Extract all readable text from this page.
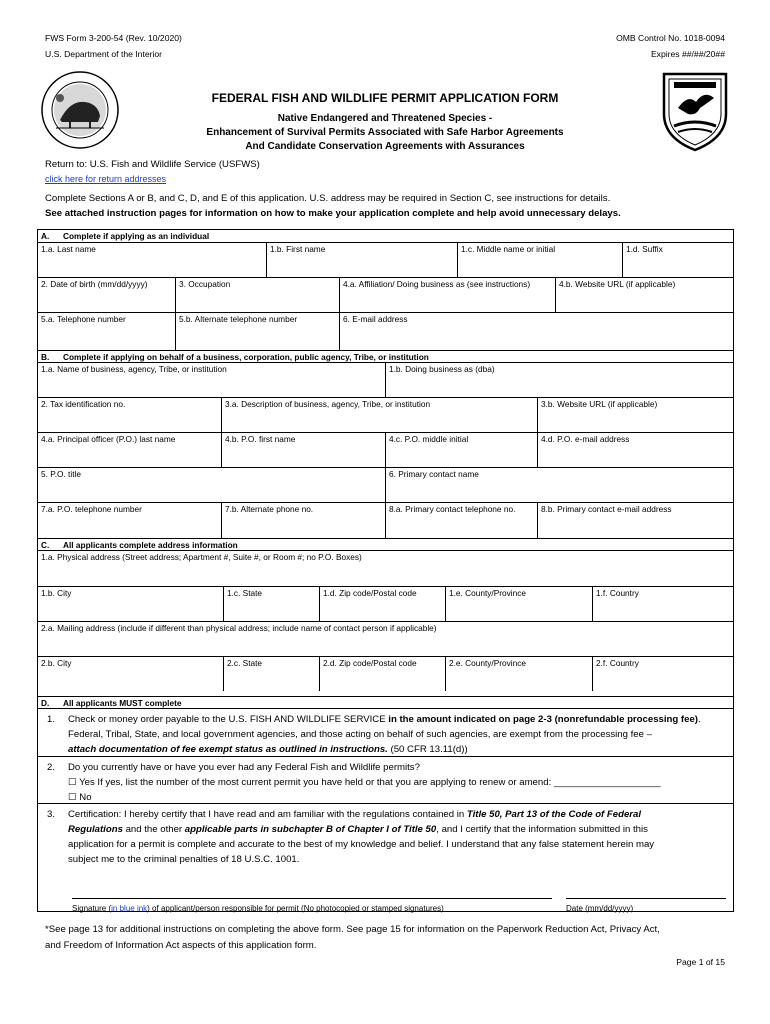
FWS Form 3-200-54 (Rev. 10/2020)
U.S. Department of the Interior
OMB Control No. 1018-0094
Expires ##/##/20##
FEDERAL FISH AND WILDLIFE PERMIT APPLICATION FORM
Native Endangered and Threatened Species -
Enhancement of Survival Permits Associated with Safe Harbor Agreements
And Candidate Conservation Agreements with Assurances
Return to: U.S. Fish and Wildlife Service (USFWS)
click here for return addresses
Complete Sections A or B, and C, D, and E of this application. U.S. address may be required in Section C, see instructions for details.
See attached instruction pages for information on how to make your application complete and help avoid unnecessary delays.
A. Complete if applying as an individual
1.a. Last name	1.b. First name	1.c. Middle name or initial	1.d. Suffix
2. Date of birth (mm/dd/yyyy)	3. Occupation	4.a. Affiliation/ Doing business as (see instructions)	4.b. Website URL (if applicable)
5.a. Telephone number	5.b. Alternate telephone number	6. E-mail address
B. Complete if applying on behalf of a business, corporation, public agency, Tribe, or institution
1.a. Name of business, agency, Tribe, or institution	1.b. Doing business as (dba)
2. Tax identification no.	3.a. Description of business, agency, Tribe, or institution	3.b. Website URL (if applicable)
4.a. Principal officer (P.O.) last name	4.b. P.O. first name	4.c. P.O. middle initial	4.d. P.O. e-mail address
5. P.O. title	6. Primary contact name
7.a. P.O. telephone number	7.b. Alternate phone no.	8.a. Primary contact telephone no.	8.b. Primary contact e-mail address
C. All applicants complete address information
1.a. Physical address (Street address; Apartment #, Suite #, or Room #; no P.O. Boxes)
1.b. City	1.c. State	1.d. Zip code/Postal code	1.e. County/Province	1.f. Country
2.a. Mailing address (include if different than physical address; include name of contact person if applicable)
2.b. City	2.c. State	2.d. Zip code/Postal code	2.e. County/Province	2.f. Country
D. All applicants MUST complete
1. Check or money order payable to the U.S. FISH AND WILDLIFE SERVICE in the amount indicated on page 2-3 (nonrefundable processing fee).
Federal, Tribal, State, and local government agencies, and those acting on behalf of such agencies, are exempt from the processing fee –
attach documentation of fee exempt status as outlined in instructions. (50 CFR 13.11(d))
2. Do you currently have or have you ever had any Federal Fish and Wildlife permits?
☐ Yes If yes, list the number of the most current permit you have held or that you are applying to renew or amend: ____________________
☐ No
3. Certification: I hereby certify that I have read and am familiar with the regulations contained in Title 50, Part 13 of the Code of Federal
Regulations and the other applicable parts in subchapter B of Chapter I of Title 50, and I certify that the information submitted in this
application for a permit is complete and accurate to the best of my knowledge and belief. I understand that any false statement herein may
subject me to the criminal penalties of 18 U.S.C. 1001.
Signature (in blue ink) of applicant/person responsible for permit (No photocopied or stamped signatures)	Date (mm/dd/yyyy)
*See page 13 for additional instructions on completing the above form. See page 15 for information on the Paperwork Reduction Act, Privacy Act,
and Freedom of Information Act aspects of this application form.
Page 1 of 15
